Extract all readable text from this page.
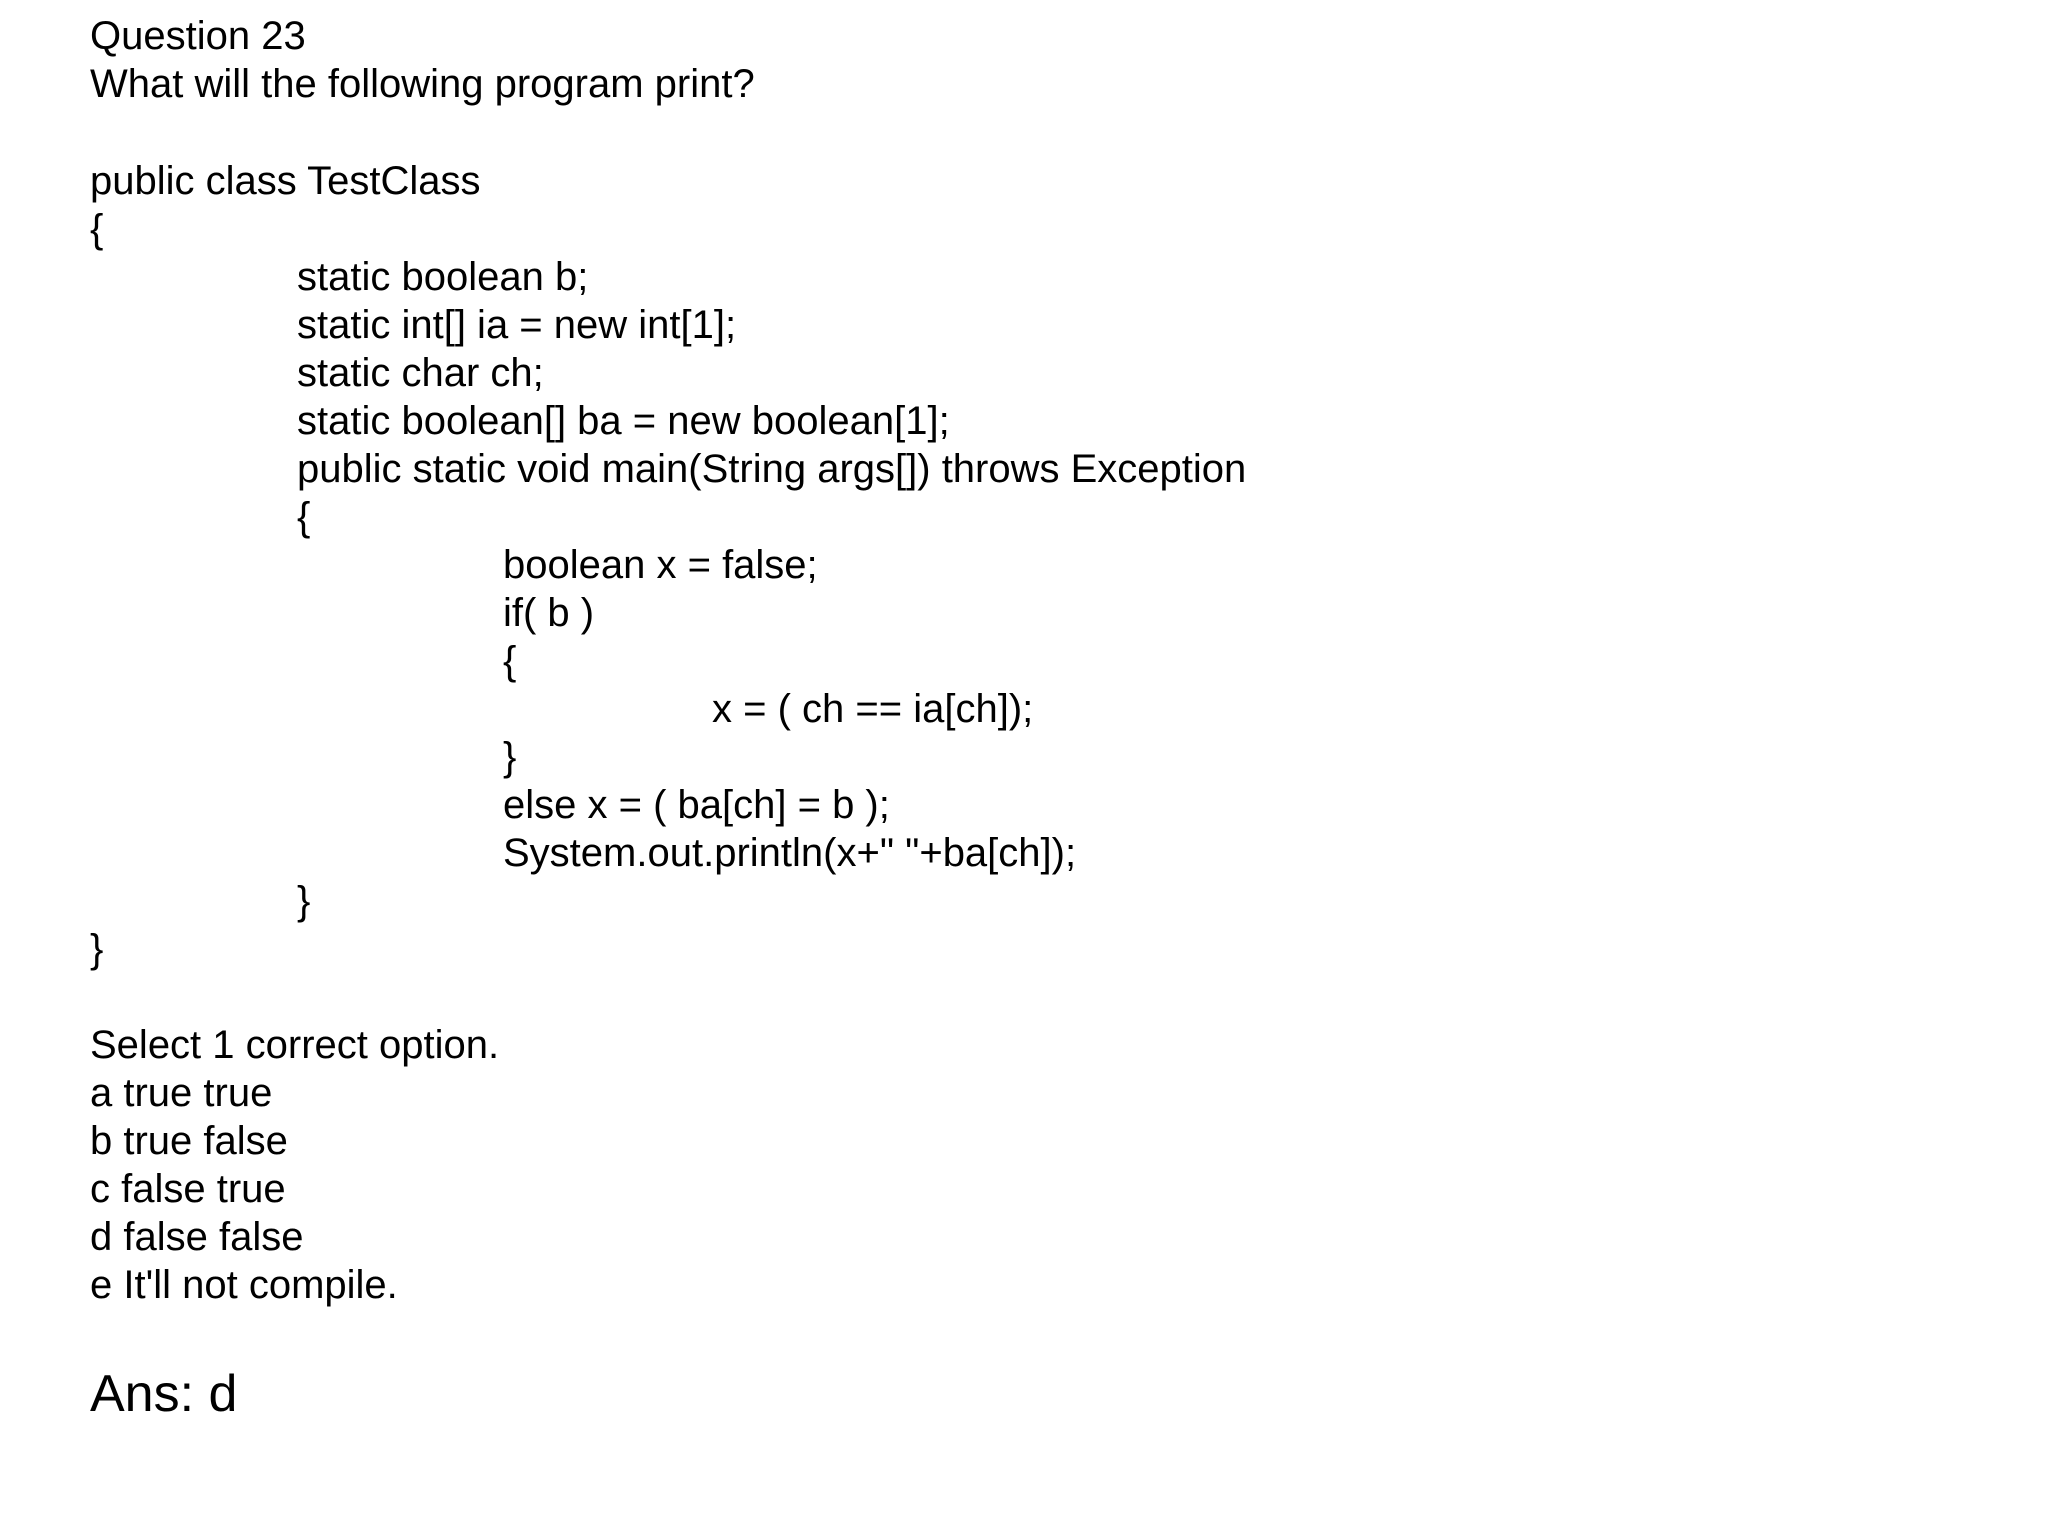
Question 23
What will the following program print?
public class TestClass
{
static boolean b;
static int[] ia = new int[1];
static char ch;
static boolean[] ba = new boolean[1];
public static void main(String args[]) throws Exception
{
boolean x = false;
if( b )
{
x = ( ch == ia[ch]);
}
else x = ( ba[ch] = b );
System.out.println(x+" "+ba[ch]);
}
}
Select 1 correct option.
a true true
b true false
c false true
d false false
e It'll not compile.
Ans: d
